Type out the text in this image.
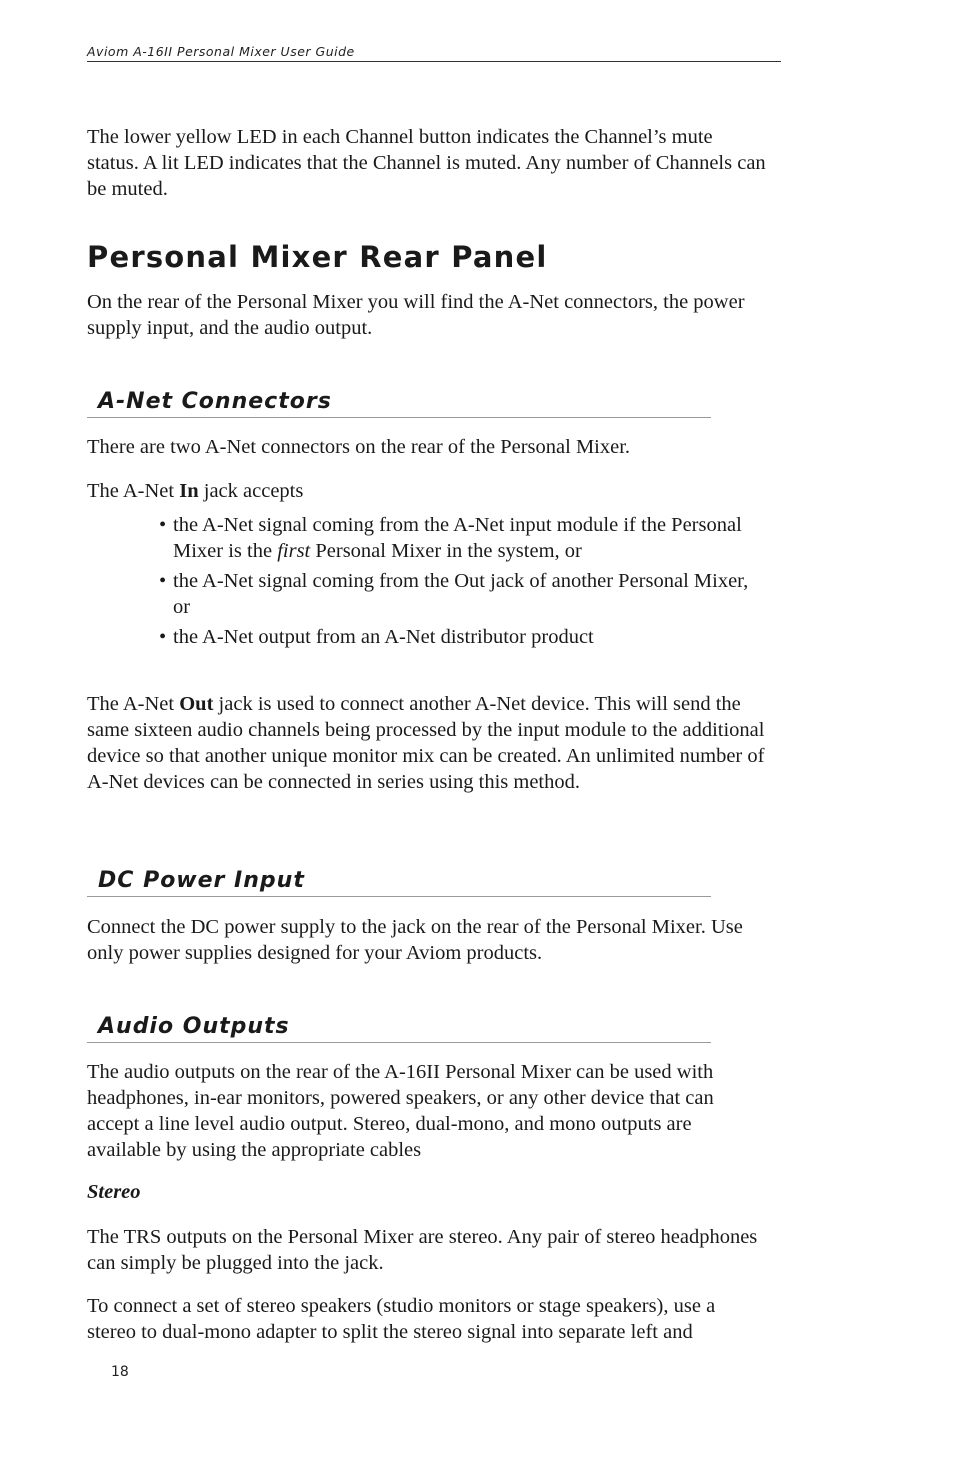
Aviom A-16II Personal Mixer User Guide

The lower yellow LED in each Channel button indicates the Channel’s mute status. A lit LED indicates that the Channel is muted. Any number of Channels can be muted.

Personal Mixer Rear Panel

On the rear of the Personal Mixer you will find the A-Net connectors, the power supply input, and the audio output.

A-Net Connectors

There are two A-Net connectors on the rear of the Personal Mixer.

The A-Net In jack accepts

• the A-Net signal coming from the A-Net input module if the Personal Mixer is the first Personal Mixer in the system, or
• the A-Net signal coming from the Out jack of another Personal Mixer, or
• the A-Net output from an A-Net distributor product

The A-Net Out jack is used to connect another A-Net device. This will send the same sixteen audio channels being processed by the input module to the additional device so that another unique monitor mix can be created. An unlimited number of A-Net devices can be connected in series using this method.

DC Power Input

Connect the DC power supply to the jack on the rear of the Personal Mixer. Use only power supplies designed for your Aviom products.

Audio Outputs

The audio outputs on the rear of the A-16II Personal Mixer can be used with headphones, in-ear monitors, powered speakers, or any other device that can accept a line level audio output. Stereo, dual-mono, and mono outputs are available by using the appropriate cables

Stereo

The TRS outputs on the Personal Mixer are stereo. Any pair of stereo headphones can simply be plugged into the jack.

To connect a set of stereo speakers (studio monitors or stage speakers), use a stereo to dual-mono adapter to split the stereo signal into separate left and

18
